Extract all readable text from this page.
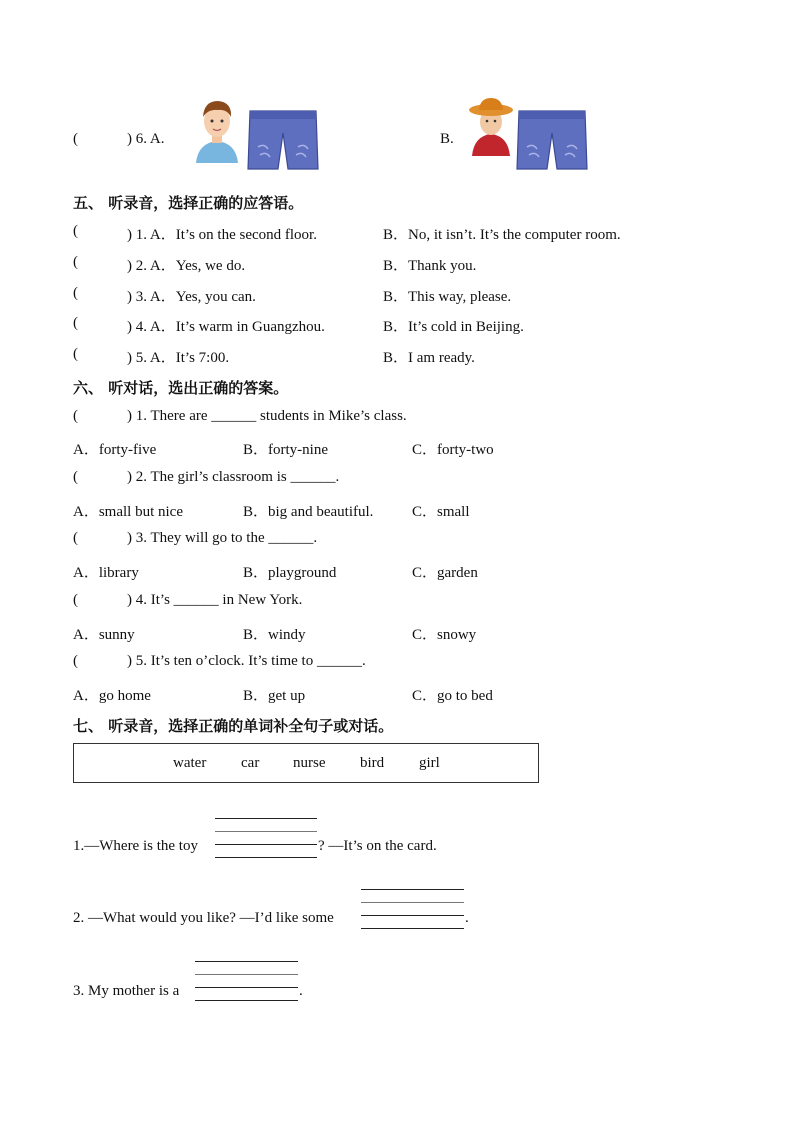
(	) 6. A.	B.
五、 听录音，选择正确的应答语。
(	) 1. A．It’s on the second floor.	B．No, it isn’t. It’s the computer room.
(	) 2. A．Yes, we do.	B．Thank you.
(	) 3. A．Yes, you can.	B．This way, please.
(	) 4. A．It’s warm in Guangzhou.	B．It’s cold in Beijing.
(	) 5. A．It’s 7:00.	B．I am ready.
六、 听对话，选出正确的答案。
(	) 1. There are ______ students in Mike’s class.
A．forty-five	B．forty-nine	C．forty-two
(	) 2. The girl’s classroom is ______.
A．small but nice	B．big and beautiful.	C．small
(	) 3. They will go to the ______.
A．library	B．playground	C．garden
(	) 4. It’s ______ in New York.
A．sunny	B．windy	C．snowy
(	) 5. It’s ten o’clock. It’s time to ______.
A．go home	B．get up	C．go to bed
七、 听录音，选择正确的单词补全句子或对话。
water car nurse bird girl
1.—Where is the toy	? —It’s on the card.
2. —What would you like? —I’d like some	.
3. My mother is a	.
